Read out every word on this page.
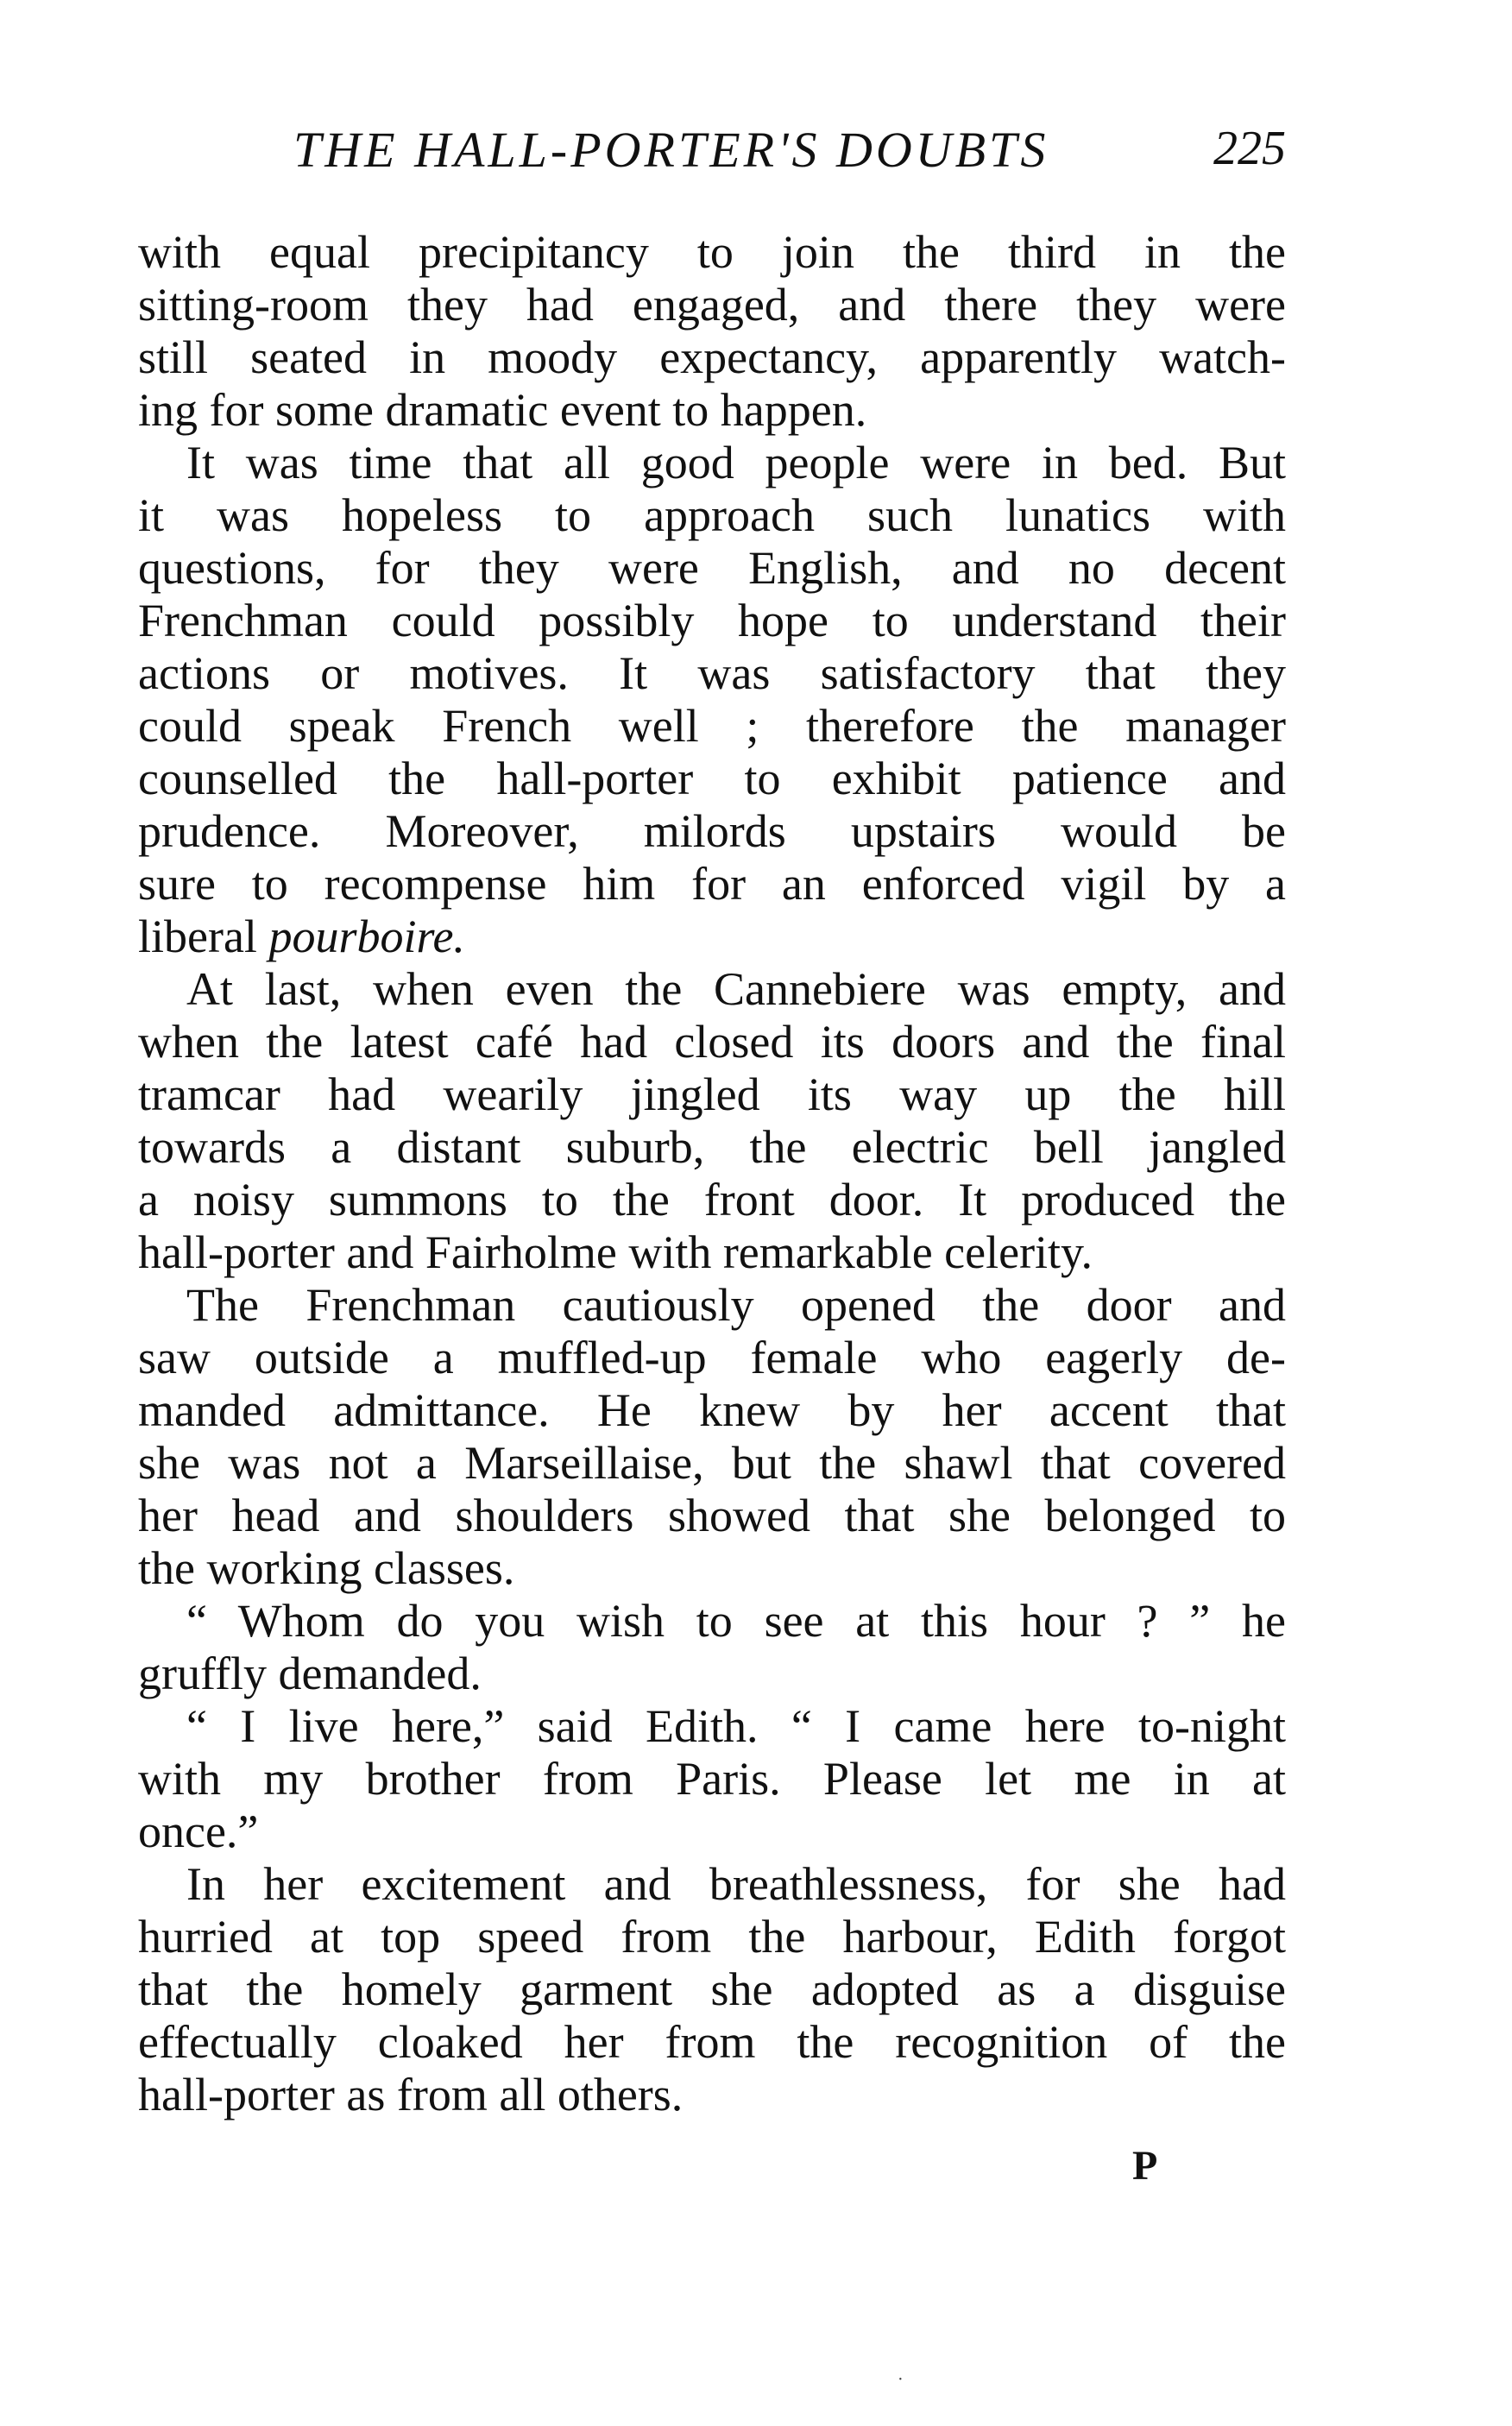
THE HALL-PORTER'S DOUBTS	225
with equal precipitancy to join the third in the
sitting-room they had engaged, and there they were
still seated in moody expectancy, apparently watch-
ing for some dramatic event to happen.
It was time that all good people were in bed. But
it was hopeless to approach such lunatics with
questions, for they were English, and no decent
Frenchman could possibly hope to understand their
actions or motives. It was satisfactory that they
could speak French well ; therefore the manager
counselled the hall-porter to exhibit patience and
prudence. Moreover, milords upstairs would be
sure to recompense him for an enforced vigil by a
liberal pourboire.
At last, when even the Cannebiere was empty, and
when the latest café had closed its doors and the final
tramcar had wearily jingled its way up the hill
towards a distant suburb, the electric bell jangled
a noisy summons to the front door. It produced the
hall-porter and Fairholme with remarkable celerity.
The Frenchman cautiously opened the door and
saw outside a muffled-up female who eagerly de-
manded admittance. He knew by her accent that
she was not a Marseillaise, but the shawl that covered
her head and shoulders showed that she belonged to
the working classes.
“ Whom do you wish to see at this hour ? ” he
gruffly demanded.
“ I live here,” said Edith. “ I came here to-night
with my brother from Paris. Please let me in at
once.”
In her excitement and breathlessness, for she had
hurried at top speed from the harbour, Edith forgot
that the homely garment she adopted as a disguise
effectually cloaked her from the recognition of the
hall-porter as from all others.
P
·
